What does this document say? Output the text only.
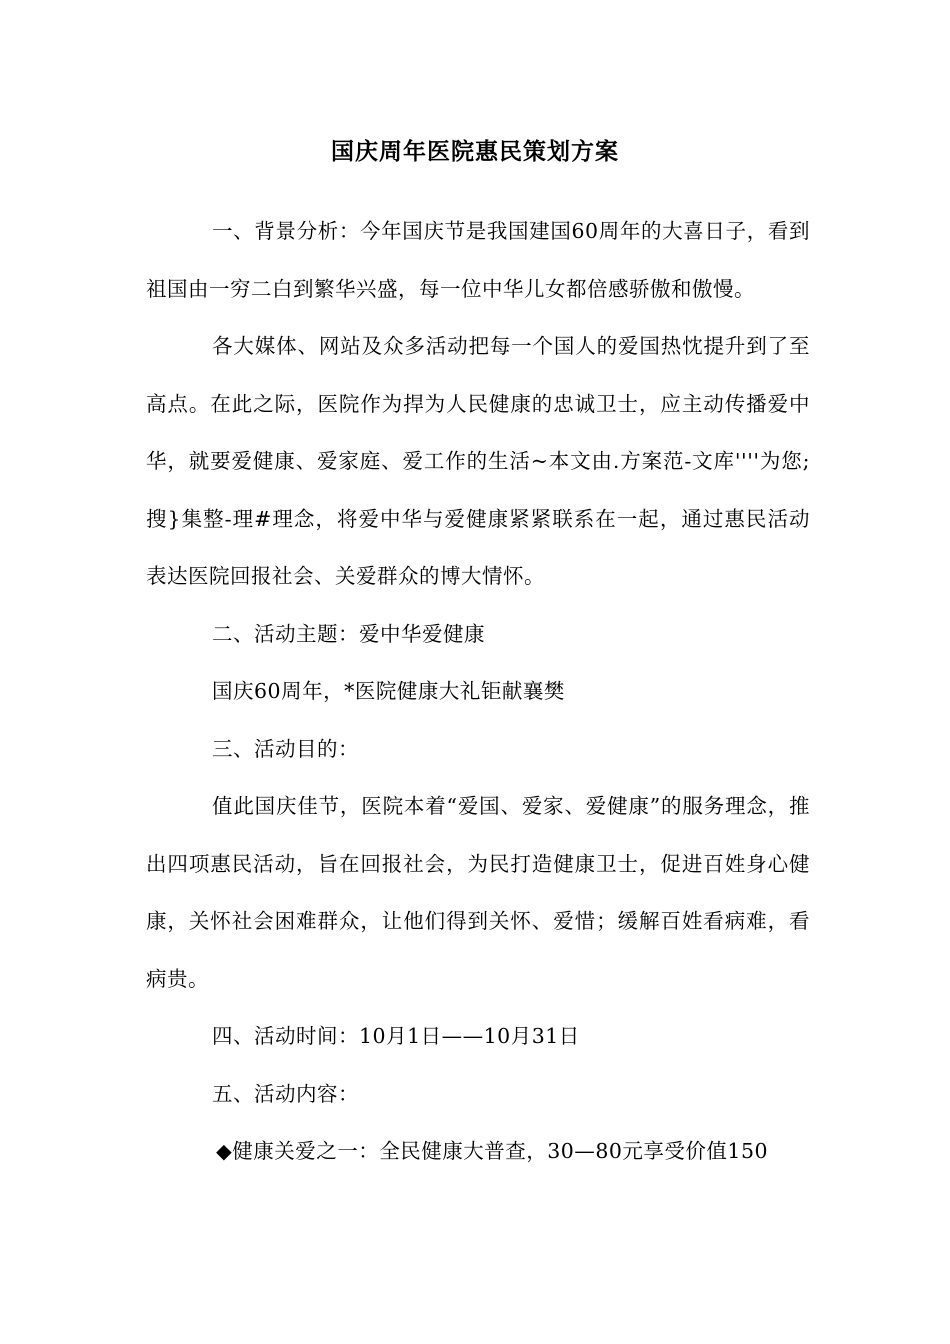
国庆周年医院惠民策划方案

一、背景分析：今年国庆节是我国建国60周年的大喜日子，看到祖国由一穷二白到繁华兴盛，每一位中华儿女都倍感骄傲和傲慢。

各大媒体、网站及众多活动把每一个国人的爱国热忱提升到了至高点。在此之际，医院作为捍为人民健康的忠诚卫士，应主动传播爱中华，就要爱健康、爱家庭、爱工作的生活~本文由.方案范-文库''''为您;搜}集整-理#理念，将爱中华与爱健康紧紧联系在一起，通过惠民活动表达医院回报社会、关爱群众的博大情怀。

二、活动主题：爱中华爱健康

国庆60周年，*医院健康大礼钜献襄樊

三、活动目的：

值此国庆佳节，医院本着“爱国、爱家、爱健康”的服务理念，推出四项惠民活动，旨在回报社会，为民打造健康卫士，促进百姓身心健康，关怀社会困难群众，让他们得到关怀、爱惜；缓解百姓看病难，看病贵。

四、活动时间：10月1日——10月31日

五、活动内容：

◆健康关爱之一：全民健康大普查，30—80元享受价值150
